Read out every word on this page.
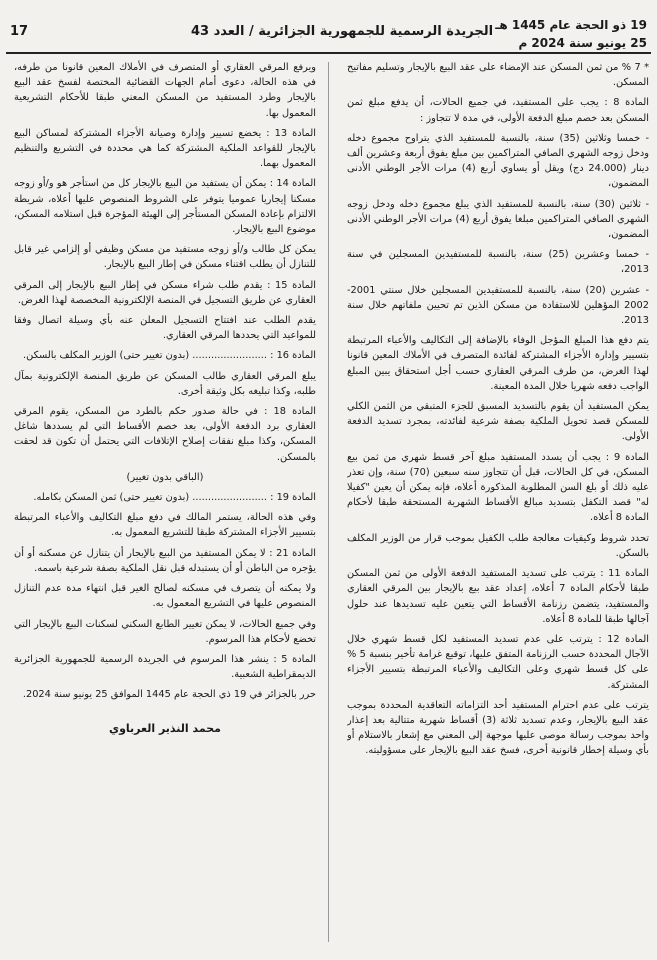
19 ذو الحجة عام 1445 هـ
25 يونيو سنة 2024 م
الجريدة الرسمية للجمهورية الجزائرية / العدد 43
17

* 7 % من ثمن المسكن عند الإمضاء على عقد البيع بالإيجار وتسليم مفاتيح المسكن.

المادة 8 : يجب على المستفيد، في جميع الحالات، أن يدفع مبلغ ثمن المسكن بعد خصم مبلغ الدفعة الأولى، في مدة لا تتجاوز :

- خمسا وثلاثين (35) سنة، بالنسبة للمستفيد الذي يتراوح مجموع دخله ودخل زوجه الشهري الصافي المتراكمين بين مبلغ يفوق أربعة وعشرين ألف دينار (24.000 دج) ويقل أو يساوي أربع (4) مرات الأجر الوطني الأدنى المضمون،

- ثلاثين (30) سنة، بالنسبة للمستفيد الذي يبلغ مجموع دخله ودخل زوجه الشهري الصافي المتراكمين مبلغا يفوق أربع (4) مرات الأجر الوطني الأدنى المضمون،

- خمسا وعشرين (25) سنة، بالنسبة للمستفيدين المسجلين في سنة 2013،

- عشرين (20) سنة، بالنسبة للمستفيدين المسجلين خلال سنتي 2001-2002 المؤهلين للاستفادة من مسكن الذين تم تحيين ملفاتهم خلال سنة 2013.

يتم دفع هذا المبلغ المؤجل الوفاء بالإضافة إلى التكاليف والأعباء المرتبطة بتسيير وإدارة الأجزاء المشتركة لفائدة المتصرف في الأملاك المعين قانونا لهذا الغرض، من طرف المرقي العقاري حسب أجل استحقاق يبين المبلغ الواجب دفعه شهريا خلال المدة المعينة.

يمكن المستفيد أن يقوم بالتسديد المسبق للجزء المتبقي من الثمن الكلي للمسكن قصد تحويل الملكية بصفة شرعية لفائدته، بمجرد تسديد الدفعة الأولى.

المادة 9 : يجب أن يسدد المستفيد مبلغ آخر قسط شهري من ثمن بيع المسكن، في كل الحالات، قبل أن تتجاوز سنه سبعين (70) سنة، وإن تعذر عليه ذلك أو بلغ السن المطلوبة المذكورة أعلاه، فإنه يمكن أن يعين "كفيلا له" قصد التكفل بتسديد مبالغ الأقساط الشهرية المستحقة طبقا لأحكام المادة 8 أعلاه.

تحدد شروط وكيفيات معالجة طلب الكفيل بموجب قرار من الوزير المكلف بالسكن.

المادة 11 : يترتب على تسديد المستفيد الدفعة الأولى من ثمن المسكن طبقا لأحكام المادة 7 أعلاه، إعداد عقد بيع بالإيجار بين المرقي العقاري والمستفيد، يتضمن رزنامة الأقساط التي يتعين عليه تسديدها عند حلول آجالها طبقا للمادة 8 أعلاه.

المادة 12 : يترتب على عدم تسديد المستفيد لكل قسط شهري خلال الآجال المحددة حسب الرزنامة المتفق عليها، توقيع غرامة تأخير بنسبة 5 % على كل قسط شهري وعلى التكاليف والأعباء المرتبطة بتسيير الأجزاء المشتركة.

يترتب على عدم احترام المستفيد أحد التزاماته التعاقدية المحددة بموجب عقد البيع بالإيجار، وعدم تسديد ثلاثة (3) أقساط شهرية متتالية بعد إعذار واحد بموجب رسالة موصى عليها موجهة إلى المعني مع إشعار بالاستلام أو بأي وسيلة إخطار قانونية أخرى، فسخ عقد البيع بالإيجار على مسؤوليته.

ويرفع المرقي العقاري أو المتصرف في الأملاك المعين قانونا من طرفه، في هذه الحالة، دعوى أمام الجهات القضائية المختصة لفسخ عقد البيع بالإيجار وطرد المستفيد من المسكن المعني طبقا للأحكام التشريعية المعمول بها.

المادة 13 : يخضع تسيير وإدارة وصيانة الأجزاء المشتركة لمساكن البيع بالإيجار للقواعد الملكية المشتركة كما هي محددة في التشريع والتنظيم المعمول بهما.

المادة 14 : يمكن أن يستفيد من البيع بالإيجار كل من استأجر هو و/أو زوجه مسكنا إيجاريا عموميا يتوفر على الشروط المنصوص عليها أعلاه، شريطة الالتزام بإعادة المسكن المستأجر إلى الهيئة المؤجرة قبل استلامه المسكن، موضوع البيع بالإيجار.

يمكن كل طالب و/أو زوجه مستفيد من مسكن وظيفي أو إلزامي غير قابل للتنازل أن يطلب اقتناء مسكن في إطار البيع بالإيجار.

المادة 15 : يقدم طلب شراء مسكن في إطار البيع بالإيجار إلى المرقي العقاري عن طريق التسجيل في المنصة الإلكترونية المخصصة لهذا الغرض.

يقدم الطلب عند افتتاح التسجيل المعلن عنه بأي وسيلة اتصال وفقا للمواعيد التي يحددها المرقي العقاري.

المادة 16 : ........................ (بدون تغيير حتى) الوزير المكلف بالسكن.

يبلغ المرقي العقاري طالب المسكن عن طريق المنصة الإلكترونية بمآل طلبه، وكذا تبليغه بكل وثيقة أخرى.

المادة 18 : في حالة صدور حكم بالطرد من المسكن، يقوم المرقي العقاري برد الدفعة الأولى، بعد خصم الأقساط التي لم يسددها شاغل المسكن، وكذا مبلغ نفقات إصلاح الإتلافات التي يحتمل أن تكون قد لحقت بالمسكن.

(الباقي بدون تغيير)

المادة 19 : ........................ (بدون تغيير حتى) ثمن المسكن بكامله.

وفي هذه الحالة، يستمر المالك في دفع مبلغ التكاليف والأعباء المرتبطة بتسيير الأجزاء المشتركة طبقا للتشريع المعمول به.

المادة 21 : لا يمكن المستفيد من البيع بالإيجار أن يتنازل عن مسكنه أو أن يؤجره من الباطن أو أن يستبدله قبل نقل الملكية بصفة شرعية باسمه.

ولا يمكنه أن يتصرف في مسكنه لصالح الغير قبل انتهاء مدة عدم التنازل المنصوص عليها في التشريع المعمول به.

وفي جميع الحالات، لا يمكن تغيير الطابع السكني لسكنات البيع بالإيجار التي تخضع لأحكام هذا المرسوم.

المادة 5 : ينشر هذا المرسوم في الجريدة الرسمية للجمهورية الجزائرية الديمقراطية الشعبية.

حرر بالجزائر في 19 ذي الحجة عام 1445 الموافق 25 يونيو سنة 2024.

محمد النذير العرباوي
